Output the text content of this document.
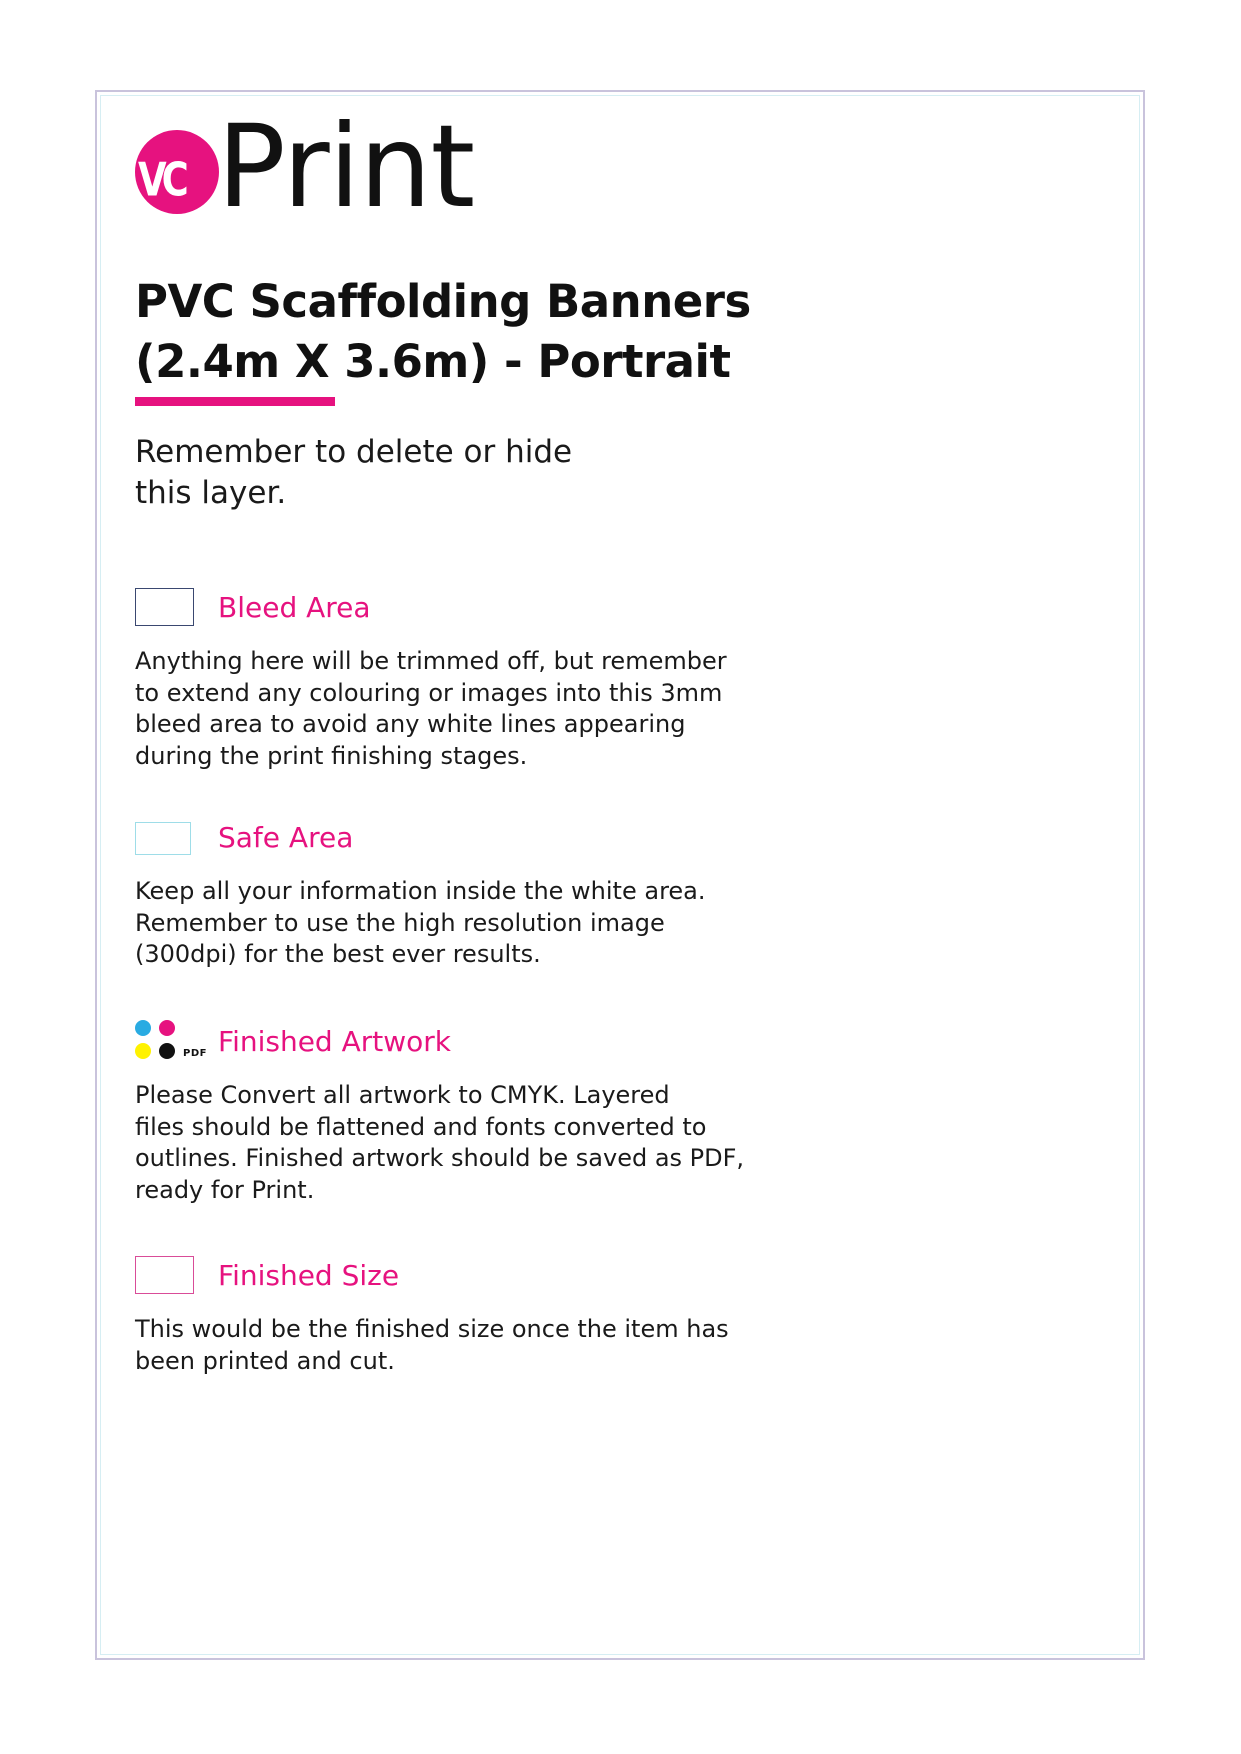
VC Print
PVC Scaffolding Banners
(2.4m X 3.6m) - Portrait
Remember to delete or hide
this layer.
Bleed Area
Anything here will be trimmed off, but remember
to extend any colouring or images into this 3mm
bleed area to avoid any white lines appearing
during the print finishing stages.
Safe Area
Keep all your information inside the white area.
Remember to use the high resolution image
(300dpi) for the best ever results.
PDF Finished Artwork
Please Convert all artwork to CMYK. Layered
files should be flattened and fonts converted to
outlines. Finished artwork should be saved as PDF,
ready for Print.
Finished Size
This would be the finished size once the item has
been printed and cut.
